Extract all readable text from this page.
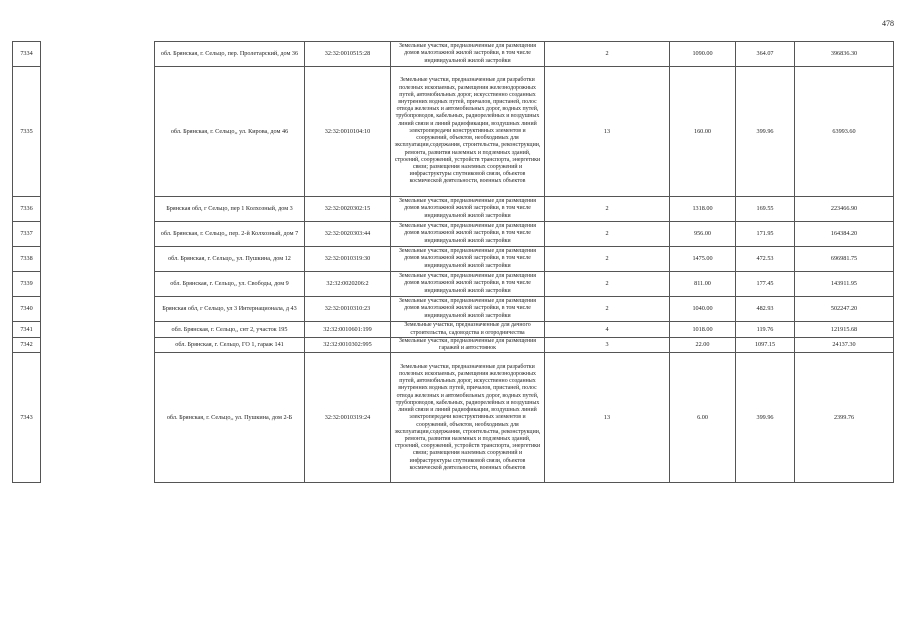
478
7334		обл. Брянская, г. Сельцо, пер. Пролетарский, дом 36	32:32:0010515:28	Земельные участки, предназначенные для размещения домов малоэтажной жилой застройки, в том числе индивидуальной жилой застройки	2	1090.00	364.07	396836.30
7335		обл. Брянская, г. Сельцо,, ул. Кирова, дом 46	32:32:0010104:10	Земельные участки, предназначенные для разработки полезных ископаемых, размещения железнодорожных путей, автомобильных дорог, искусственно созданных внутренних водных путей, причалов, пристаней, полос отвода железных и автомобильных дорог, водных путей, трубопроводов, кабельных, радиорелейных и воздушных линий связи и линий радиофикации, воздушных линий электропередачи конструктивных элементов и сооружений, объектов, необходимых для эксплуатации,содержания, строительства, реконструкции, ремонта, развития наземных и подземных зданий, строений, сооружений, устройств транспорта, энергетики связи; размещения наземных сооружений и инфраструктуры спутниковой связи, объектов космической деятельности, военных объектов	13	160.00	399.96	63993.60
7336		Брянская обл, г Сельцо, пер 1 Колхозный, дом 3	32:32:0020302:15	Земельные участки, предназначенные для размещения домов малоэтажной жилой застройки, в том числе индивидуальной жилой застройки	2	1318.00	169.55	223466.90
7337		обл. Брянская, г. Сельцо,, пер. 2-й Колхозный, дом 7	32:32:0020303:44	Земельные участки, предназначенные для размещения домов малоэтажной жилой застройки, в том числе индивидуальной жилой застройки	2	956.00	171.95	164384.20
7338		обл. Брянская, г. Сельцо,, ул. Пушкина, дом 12	32:32:0010319:30	Земельные участки, предназначенные для размещения домов малоэтажной жилой застройки, в том числе индивидуальной жилой застройки	2	1475.00	472.53	696981.75
7339		обл. Брянская, г. Сельцо,, ул. Свободы, дом 9	32:32:0020206:2	Земельные участки, предназначенные для размещения домов малоэтажной жилой застройки, в том числе индивидуальной жилой застройки	2	811.00	177.45	143911.95
7340		Брянская обл, г Сельцо, ул 3 Интернационала, д 43	32:32:0010310:23	Земельные участки, предназначенные для размещения домов малоэтажной жилой застройки, в том числе индивидуальной жилой застройки	2	1040.00	482.93	502247.20
7341		обл. Брянская, г. Сельцо,, снт 2, участок 195	32:32:0010601:199	Земельные участки, предназначенные для дачного строительства, садоводства и огородничества	4	1018.00	119.76	121915.68
7342		обл. Брянская, г. Сельцо, ГО 1, гараж 141	32:32:0010302:995	Земельные участки, предназначенные для размещения гаражей и автостоянок	3	22.00	1097.15	24137.30
7343		обл. Брянская, г. Сельцо,, ул. Пушкина, дом 2-Б	32:32:0010319:24	Земельные участки, предназначенные для разработки полезных ископаемых, размещения железнодорожных путей, автомобильных дорог, искусственно созданных внутренних водных путей, причалов, пристаней, полос отвода железных и автомобильных дорог, водных путей, трубопроводов, кабельных, радиорелейных и воздушных линий связи и линий радиофикации, воздушных линий электропередачи конструктивных элементов и сооружений, объектов, необходимых для эксплуатации,содержания, строительства, реконструкции, ремонта, развития наземных и подземных зданий, строений, сооружений, устройств транспорта, энергетики связи; размещения наземных сооружений и инфраструктуры спутниковой связи, объектов космической деятельности, военных объектов	13	6.00	399.96	2399.76
